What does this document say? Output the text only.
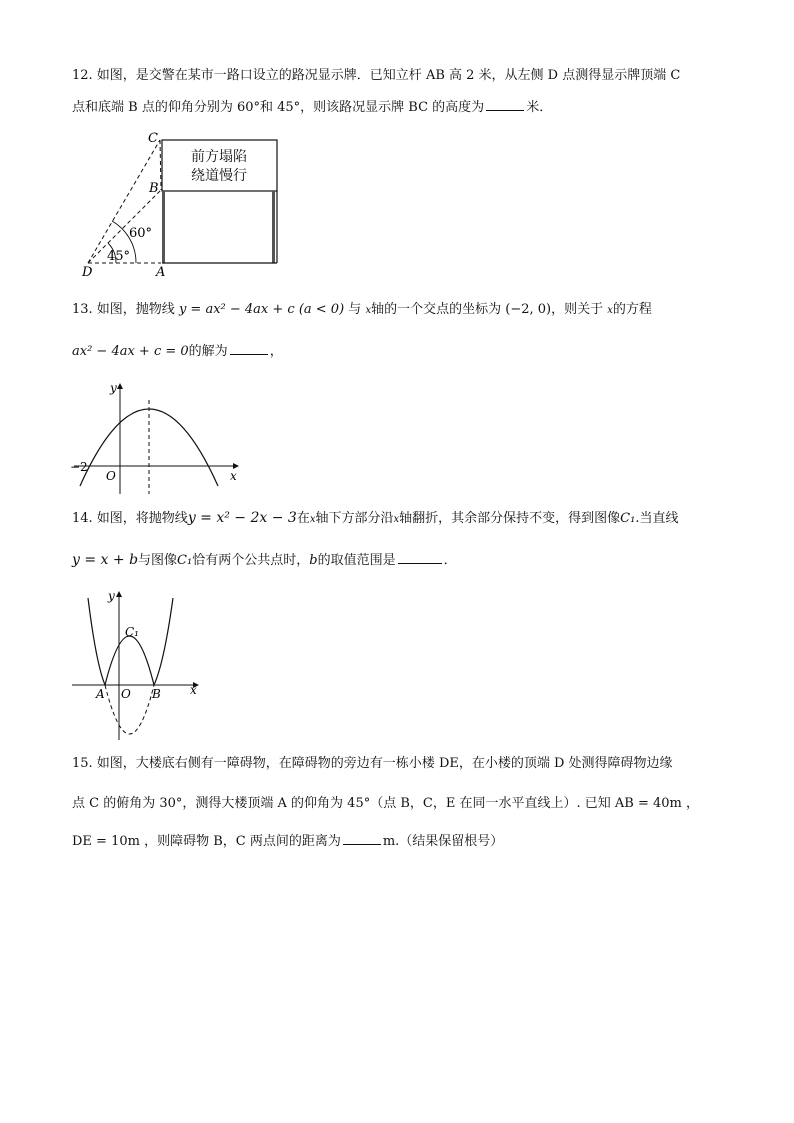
12. 如图，是交警在某市一路口设立的路况显示牌．已知立杆 AB 高 2 米，从左侧 D 点测得显示牌顶端 C
点和底端 B 点的仰角分别为 60°和 45°，则该路况显示牌 BC 的高度为	米．
前方塌陷
绕道慢行
C
B
D	A
60°
45°
13. 如图，抛物线 y = ax² − 4ax + c (a < 0) 与 x轴的一个交点的坐标为 (−2, 0)，则关于 x的方程
ax² − 4ax + c = 0的解为	，
y
x
O
−2
14. 如图，将抛物线y = x² − 2x − 3在x轴下方部分沿x轴翻折，其余部分保持不变，得到图像C₁.当直线
y = x + b与图像C₁恰有两个公共点时，b的取值范围是	．
y
x
A O B
C₁
15. 如图，大楼底右侧有一障碍物，在障碍物的旁边有一栋小楼 DE，在小楼的顶端 D 处测得障碍物边缘
点 C 的俯角为 30°，测得大楼顶端 A 的仰角为 45°（点 B，C，E 在同一水平直线上）. 已知 AB = 40m ，
DE = 10m ，则障碍物 B，C 两点间的距离为	m.（结果保留根号）
